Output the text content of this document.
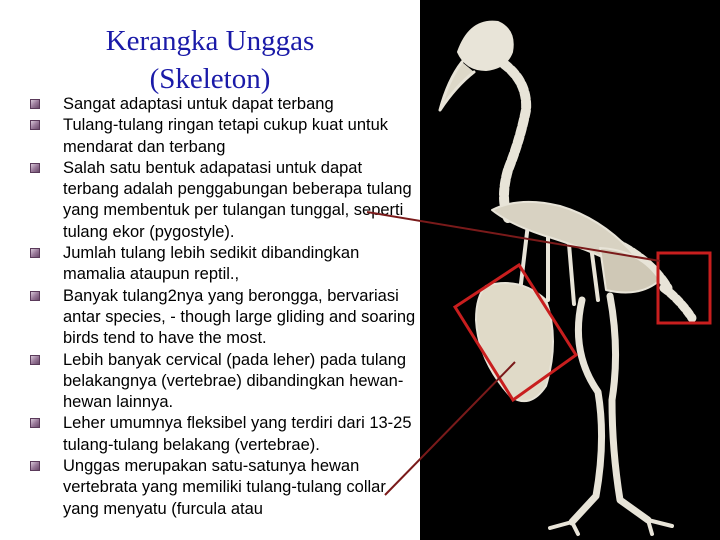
Kerangka Unggas
(Skeleton)
Sangat adaptasi untuk dapat terbang
Tulang-tulang ringan tetapi cukup kuat untuk mendarat dan terbang
Salah satu bentuk adapatasi untuk dapat terbang adalah penggabungan beberapa tulang yang membentuk per tulangan tunggal, seperti tulang ekor (pygostyle).
Jumlah tulang lebih sedikit dibandingkan mamalia ataupun reptil.,
Banyak tulang2nya yang berongga, bervariasi antar species, - though large gliding and soaring birds tend to have the most.
Lebih banyak cervical (pada leher) pada tulang belakangnya (vertebrae) dibandingkan hewan-hewan lainnya.
Leher umumnya fleksibel yang terdiri dari 13-25 tulang-tulang belakang (vertebrae).
Unggas merupakan satu-satunya hewan vertebrata yang memiliki tulang-tulang collar yang menyatu (furcula atau
